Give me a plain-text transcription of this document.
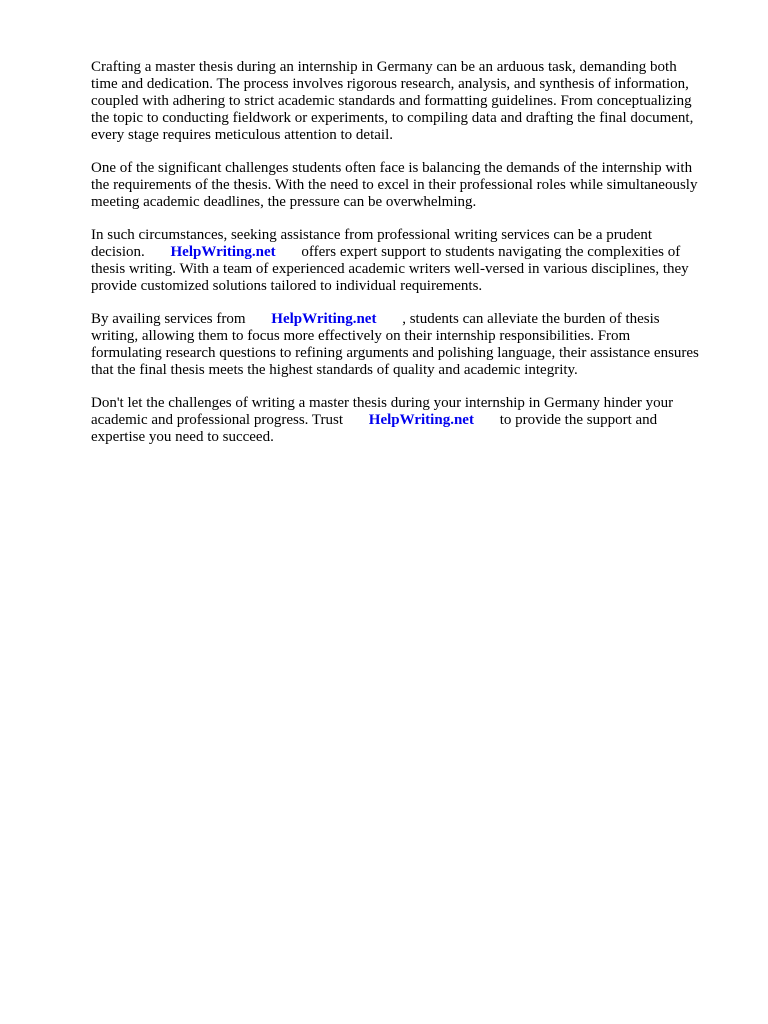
Crafting a master thesis during an internship in Germany can be an arduous task, demanding both
time and dedication. The process involves rigorous research, analysis, and synthesis of information,
coupled with adhering to strict academic standards and formatting guidelines. From conceptualizing
the topic to conducting fieldwork or experiments, to compiling data and drafting the final document,
every stage requires meticulous attention to detail.

One of the significant challenges students often face is balancing the demands of the internship with
the requirements of the thesis. With the need to excel in their professional roles while simultaneously
meeting academic deadlines, the pressure can be overwhelming.

In such circumstances, seeking assistance from professional writing services can be a prudent
decision. HelpWriting.net offers expert support to students navigating the complexities of
thesis writing. With a team of experienced academic writers well-versed in various disciplines, they
provide customized solutions tailored to individual requirements.

By availing services from HelpWriting.net , students can alleviate the burden of thesis
writing, allowing them to focus more effectively on their internship responsibilities. From
formulating research questions to refining arguments and polishing language, their assistance ensures
that the final thesis meets the highest standards of quality and academic integrity.

Don't let the challenges of writing a master thesis during your internship in Germany hinder your
academic and professional progress. Trust HelpWriting.net to provide the support and
expertise you need to succeed.
